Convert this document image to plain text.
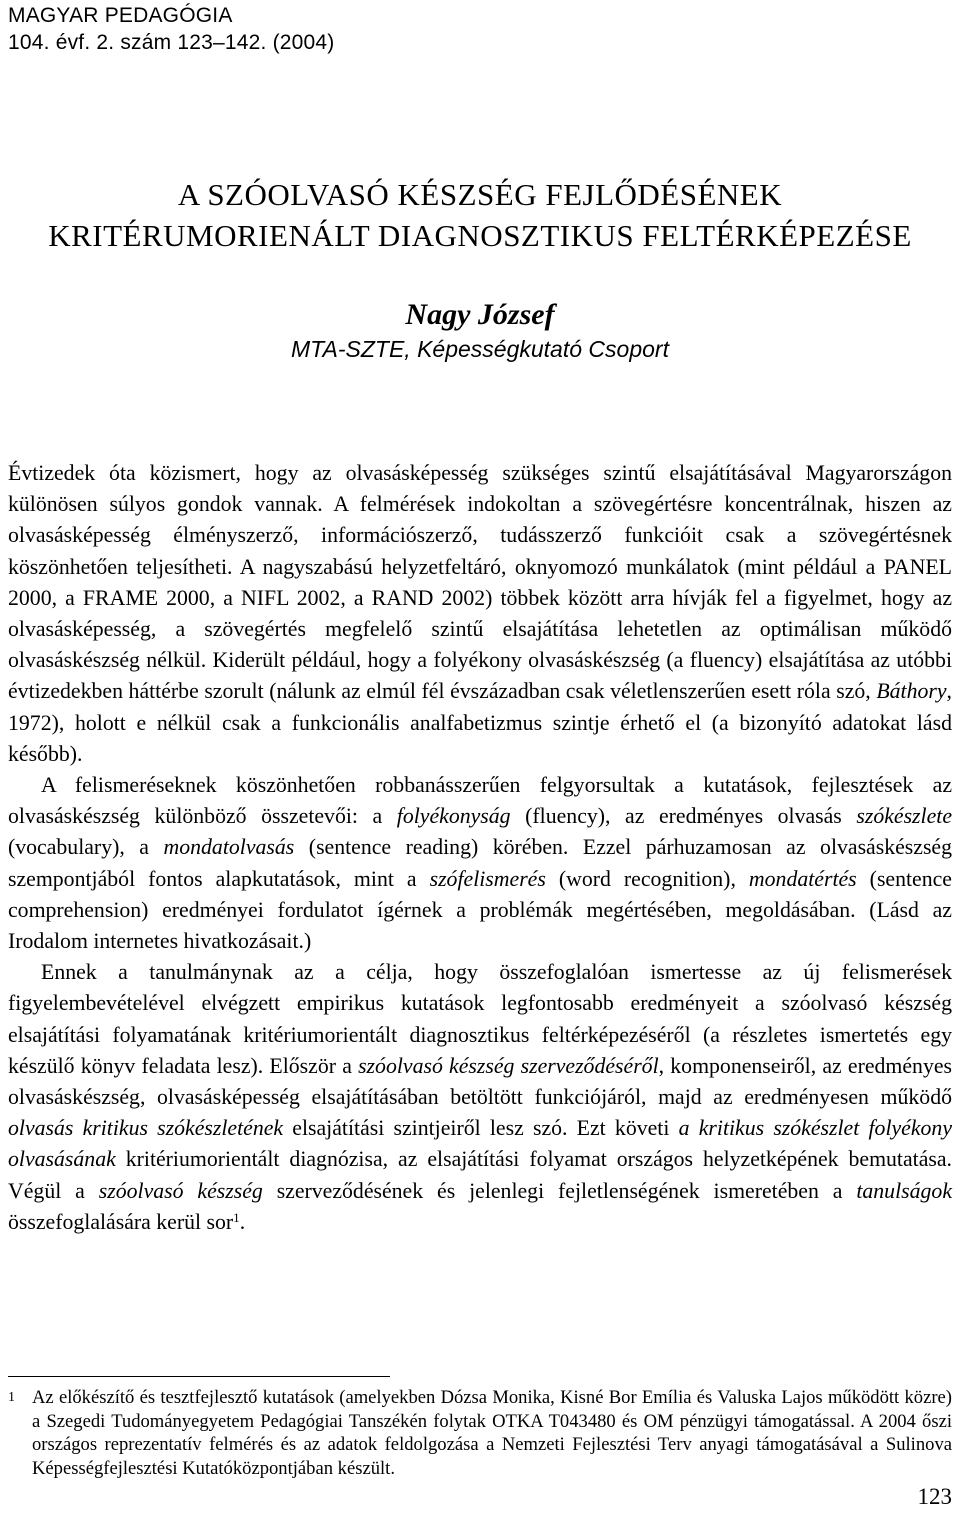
MAGYAR PEDAGÓGIA
104. évf. 2. szám 123–142. (2004)
A SZÓOLVASÓ KÉSZSÉG FEJLŐDÉSÉNEK
KRITÉRUMORIENÁLT DIAGNOSZTIKUS FELTÉRKÉPEZÉSE
Nagy József
MTA-SZTE, Képességkutató Csoport

Évtizedek óta közismert, hogy az olvasásképesség szükséges szintű elsajátításával Magyarországon különösen súlyos gondok vannak. A felmérések indokoltan a szövegértésre koncentrálnak, hiszen az olvasásképesség élményszerző, információszerző, tudásszerző funkcióit csak a szövegértésnek köszönhetően teljesítheti. A nagyszabású helyzetfeltáró, oknyomozó munkálatok (mint például a PANEL 2000, a FRAME 2000, a NIFL 2002, a RAND 2002) többek között arra hívják fel a figyelmet, hogy az olvasásképesség, a szövegértés megfelelő szintű elsajátítása lehetetlen az optimálisan működő olvasáskészség nélkül. Kiderült például, hogy a folyékony olvasáskészség (a fluency) elsajátítása az utóbbi évtizedekben háttérbe szorult (nálunk az elmúl fél évszázadban csak véletlenszerűen esett róla szó, Báthory, 1972), holott e nélkül csak a funkcionális analfabetizmus szintje érhető el (a bizonyító adatokat lásd később).

A felismeréseknek köszönhetően robbanásszerűen felgyorsultak a kutatások, fejlesztések az olvasáskészség különböző összetevői: a folyékonyság (fluency), az eredményes olvasás szókészlete (vocabulary), a mondatolvasás (sentence reading) körében. Ezzel párhuzamosan az olvasáskészség szempontjából fontos alapkutatások, mint a szófelismerés (word recognition), mondatértés (sentence comprehension) eredményei fordulatot ígérnek a problémák megértésében, megoldásában. (Lásd az Irodalom internetes hivatkozásait.)

Ennek a tanulmánynak az a célja, hogy összefoglalóan ismertesse az új felismerések figyelembevételével elvégzett empirikus kutatások legfontosabb eredményeit a szóolvasó készség elsajátítási folyamatának kritériumorientált diagnosztikus feltérképezéséről (a részletes ismertetés egy készülő könyv feladata lesz). Először a szóolvasó készség szerveződéséről, komponenseiről, az eredményes olvasáskészség, olvasásképesség elsajátításában betöltött funkciójáról, majd az eredményesen működő olvasás kritikus szókészletének elsajátítási szintjeiről lesz szó. Ezt követi a kritikus szókészlet folyékony olvasásának kritériumorientált diagnózisa, az elsajátítási folyamat országos helyzetképének bemutatása. Végül a szóolvasó készség szerveződésének és jelenlegi fejletlenségének ismeretében a tanulságok összefoglalására kerül sor$^1$.

1 Az előkészítő és tesztfejlesztő kutatások (amelyekben Dózsa Monika, Kisné Bor Emília és Valuska Lajos működött közre) a Szegedi Tudományegyetem Pedagógiai Tanszékén folytak OTKA T043480 és OM pénzügyi támogatással. A 2004 őszi országos reprezentatív felmérés és az adatok feldolgozása a Nemzeti Fejlesztési Terv anyagi támogatásával a Sulinova Képességfejlesztési Kutatóközpontjában készült.
123
